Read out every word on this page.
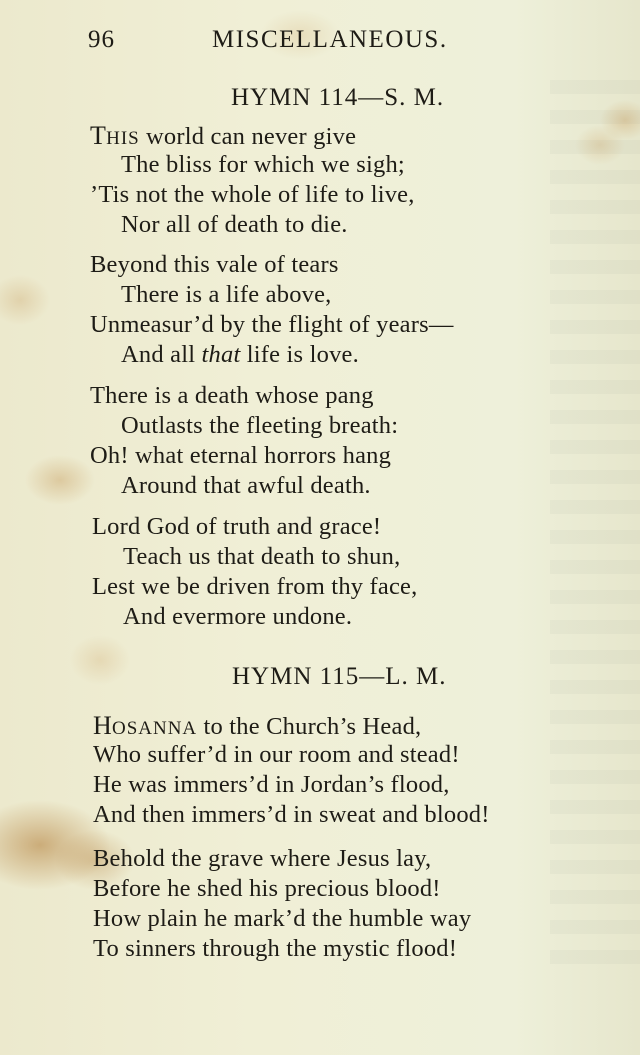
96	MISCELLANEOUS.
HYMN 114—S. M.
THIS world can never give
The bliss for which we sigh;
’Tis not the whole of life to live,
Nor all of death to die.
Beyond this vale of tears
There is a life above,
Unmeasur’d by the flight of years—
And all that life is love.
There is a death whose pang
Outlasts the fleeting breath:
Oh! what eternal horrors hang
Around that awful death.
Lord God of truth and grace!
Teach us that death to shun,
Lest we be driven from thy face,
And evermore undone.
HYMN 115—L. M.
HOSANNA to the Church’s Head,
Who suffer’d in our room and stead!
He was immers’d in Jordan’s flood,
And then immers’d in sweat and blood!
Behold the grave where Jesus lay,
Before he shed his precious blood!
How plain he mark’d the humble way
To sinners through the mystic flood!
